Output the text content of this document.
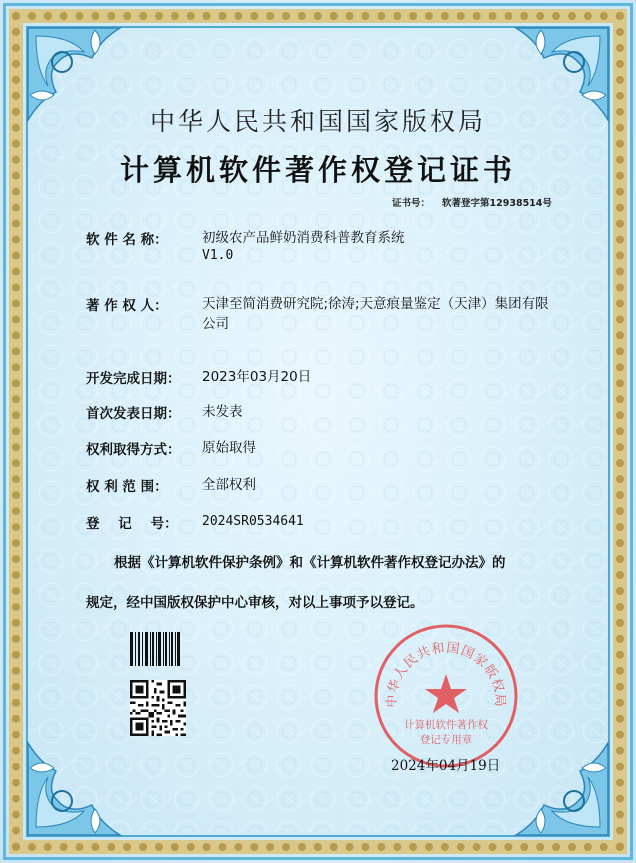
中华人民共和国国家版权局
计算机软件著作权登记证书
证书号： 软著登字第12938514号
软 件 名 称：	初级农产品鲜奶消费科普教育系统
V1.0
著 作 权 人：	天津至简消费研究院;徐涛;天意痕量鉴定（天津）集团有限公司
开发完成日期：	2023年03月20日
首次发表日期：	未发表
权利取得方式：	原始取得
权 利 范 围：	全部权利
登    记    号：	2024SR0534641
根据《计算机软件保护条例》和《计算机软件著作权登记办法》的
规定，经中国版权保护中心审核，对以上事项予以登记。
中华人民共和国国家版权局
计算机软件著作权
登记专用章
2024年04月19日
